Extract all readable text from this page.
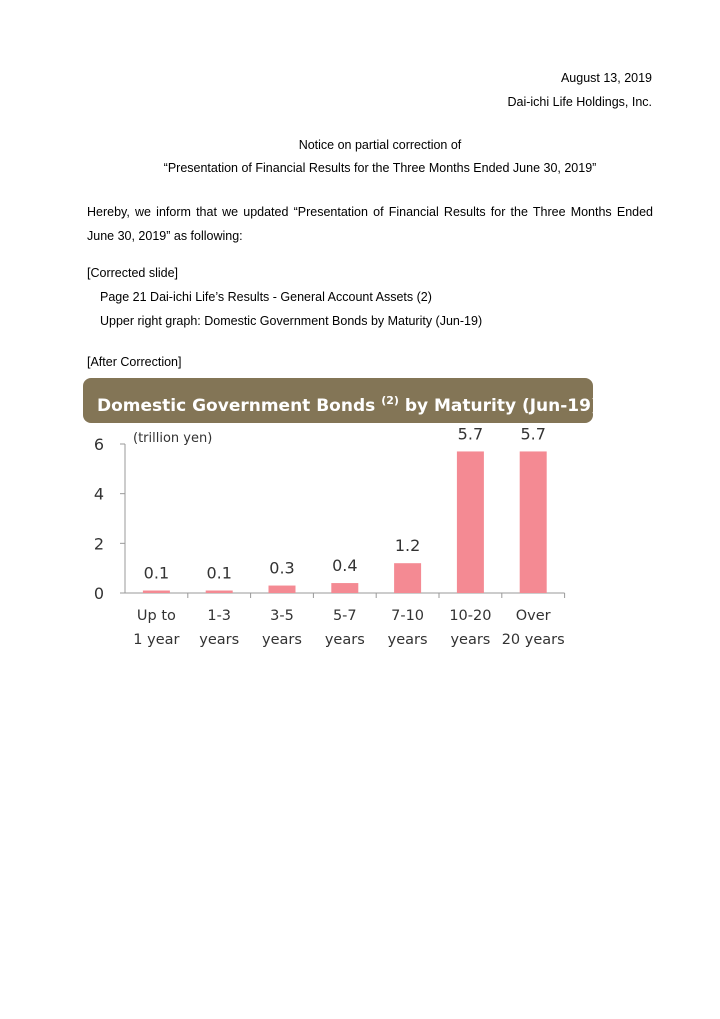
August 13, 2019
Dai-ichi Life Holdings, Inc.
Notice on partial correction of
“Presentation of Financial Results for the Three Months Ended June 30, 2019”
Hereby, we inform that we updated “Presentation of Financial Results for the Three Months Ended June 30, 2019” as following:
[Corrected slide]
Page 21 Dai-ichi Life’s Results - General Account Assets (2)
Upper right graph: Domestic Government Bonds by Maturity (Jun-19)
[After Correction]
Domestic Government Bonds $^{(2)}$ by Maturity (Jun-19)
(trillion yen)
0
2
4
6
0.1
Up to
1 year
0.1
1-3
years
0.3
3-5
years
0.4
5-7
years
1.2
7-10
years
5.7
10-20
years
5.7
Over
20 years
